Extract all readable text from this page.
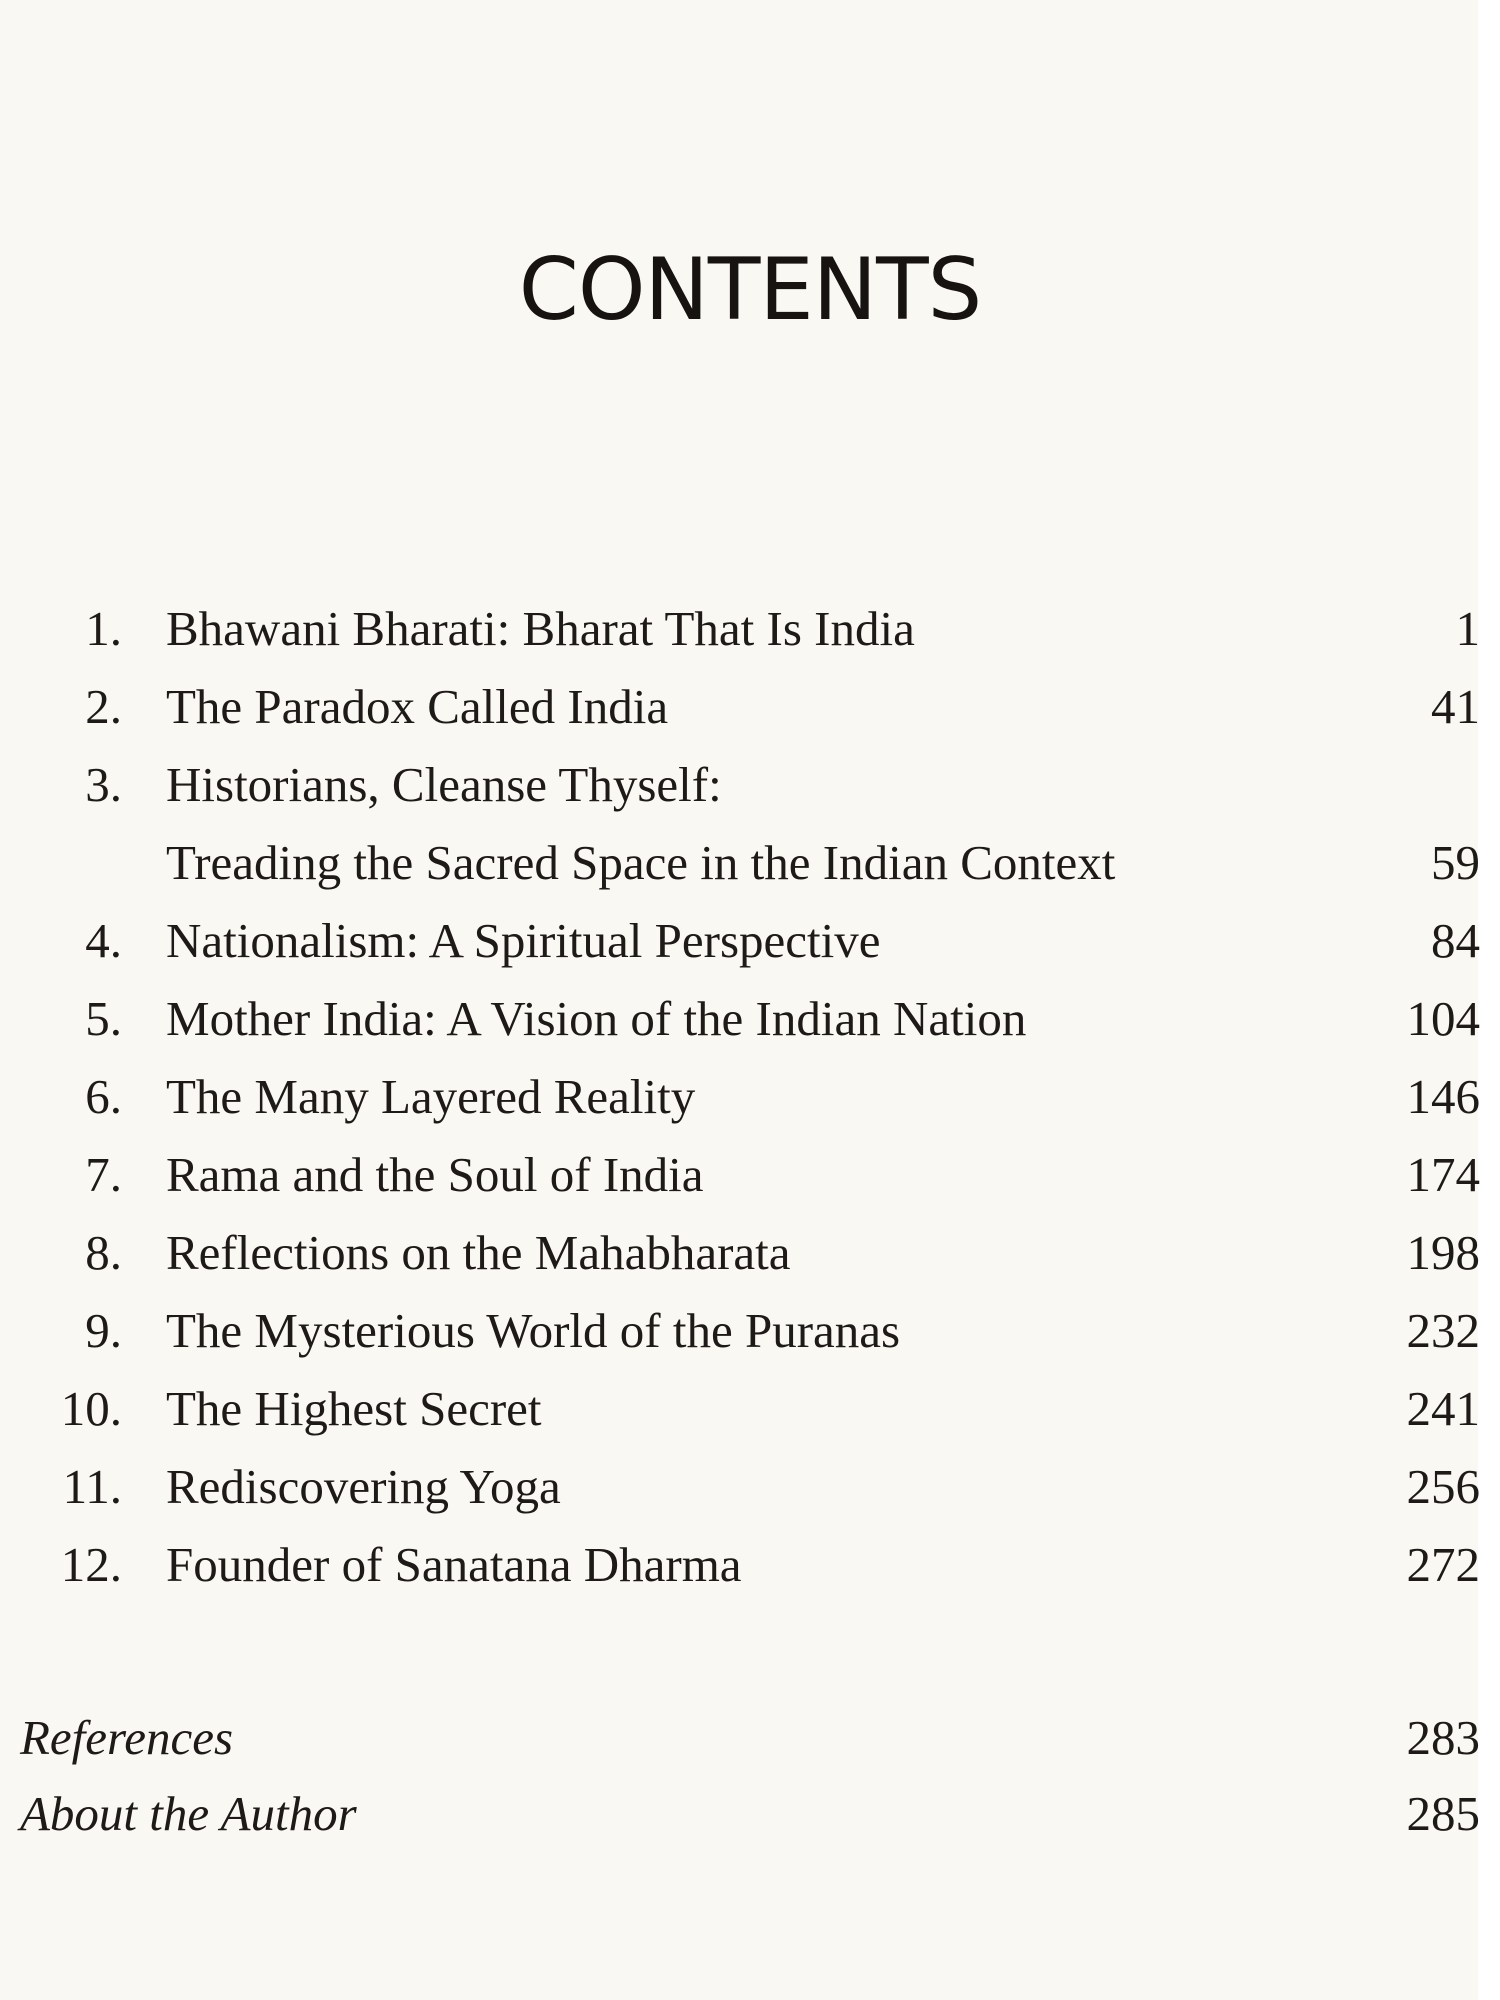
CONTENTS
1. Bhawani Bharati: Bharat That Is India	1
2. The Paradox Called India	41
3. Historians, Cleanse Thyself:
Treading the Sacred Space in the Indian Context	59
4. Nationalism: A Spiritual Perspective	84
5. Mother India: A Vision of the Indian Nation	104
6. The Many Layered Reality	146
7. Rama and the Soul of India	174
8. Reflections on the Mahabharata	198
9. The Mysterious World of the Puranas	232
10. The Highest Secret	241
11. Rediscovering Yoga	256
12. Founder of Sanatana Dharma	272
References	283
About the Author	285
